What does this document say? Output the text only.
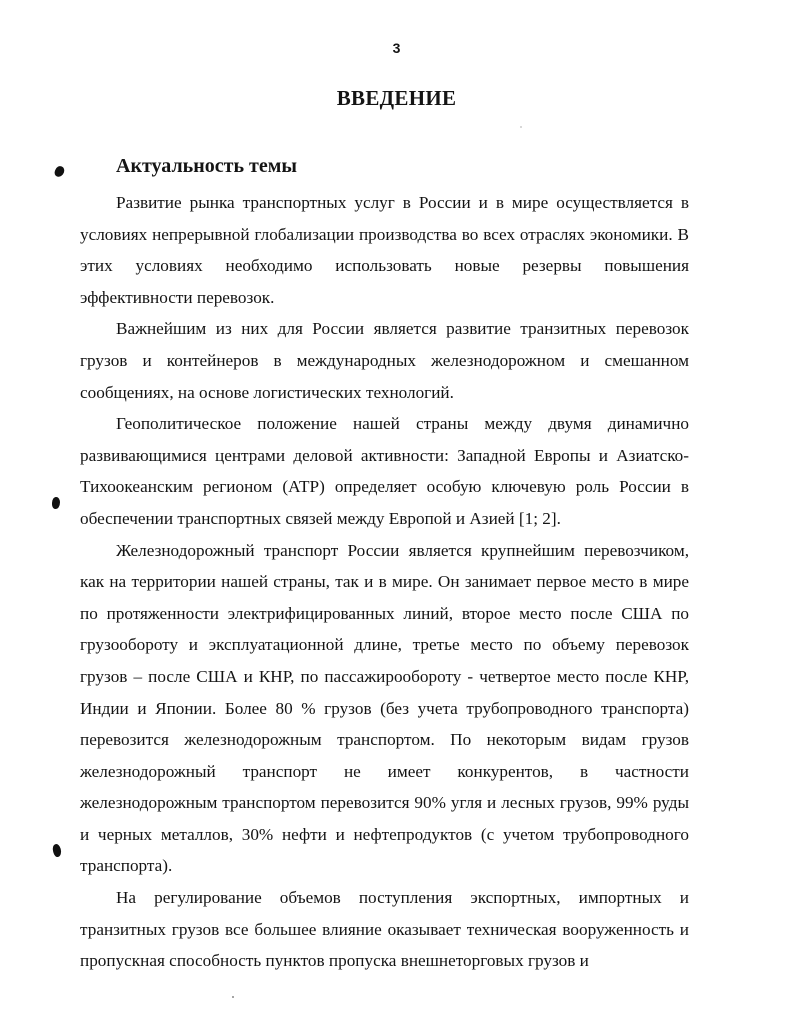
3

ВВЕДЕНИЕ
Актуальность темы

Развитие рынка транспортных услуг в России и в мире осуществляется в условиях непрерывной глобализации производства во всех отраслях экономики. В этих условиях необходимо использовать новые резервы повышения эффективности перевозок.

Важнейшим из них для России является развитие транзитных перевозок грузов и контейнеров в международных железнодорожном и смешанном сообщениях, на основе логистических технологий.

Геополитическое положение нашей страны между двумя динамично развивающимися центрами деловой активности: Западной Европы и Азиатско-Тихоокеанским регионом (АТР) определяет особую ключевую роль России в обеспечении транспортных связей между Европой и Азией [1; 2].

Железнодорожный транспорт России является крупнейшим перевозчиком, как на территории нашей страны, так и в мире. Он занимает первое место в мире по протяженности электрифицированных линий, второе место после США по грузообороту и эксплуатационной длине, третье место по объему перевозок грузов – после США и КНР, по пассажирообороту - четвертое место после КНР, Индии и Японии. Более 80 % грузов (без учета трубопроводного транспорта) перевозится железнодорожным транспортом. По некоторым видам грузов железнодорожный транспорт не имеет конкурентов, в частности железнодорожным транспортом перевозится 90% угля и лесных грузов, 99% руды и черных металлов, 30% нефти и нефтепродуктов (с учетом трубопроводного транспорта).

На регулирование объемов поступления экспортных, импортных и транзитных грузов все большее влияние оказывает техническая вооруженность и пропускная способность пунктов пропуска внешнеторговых грузов и
